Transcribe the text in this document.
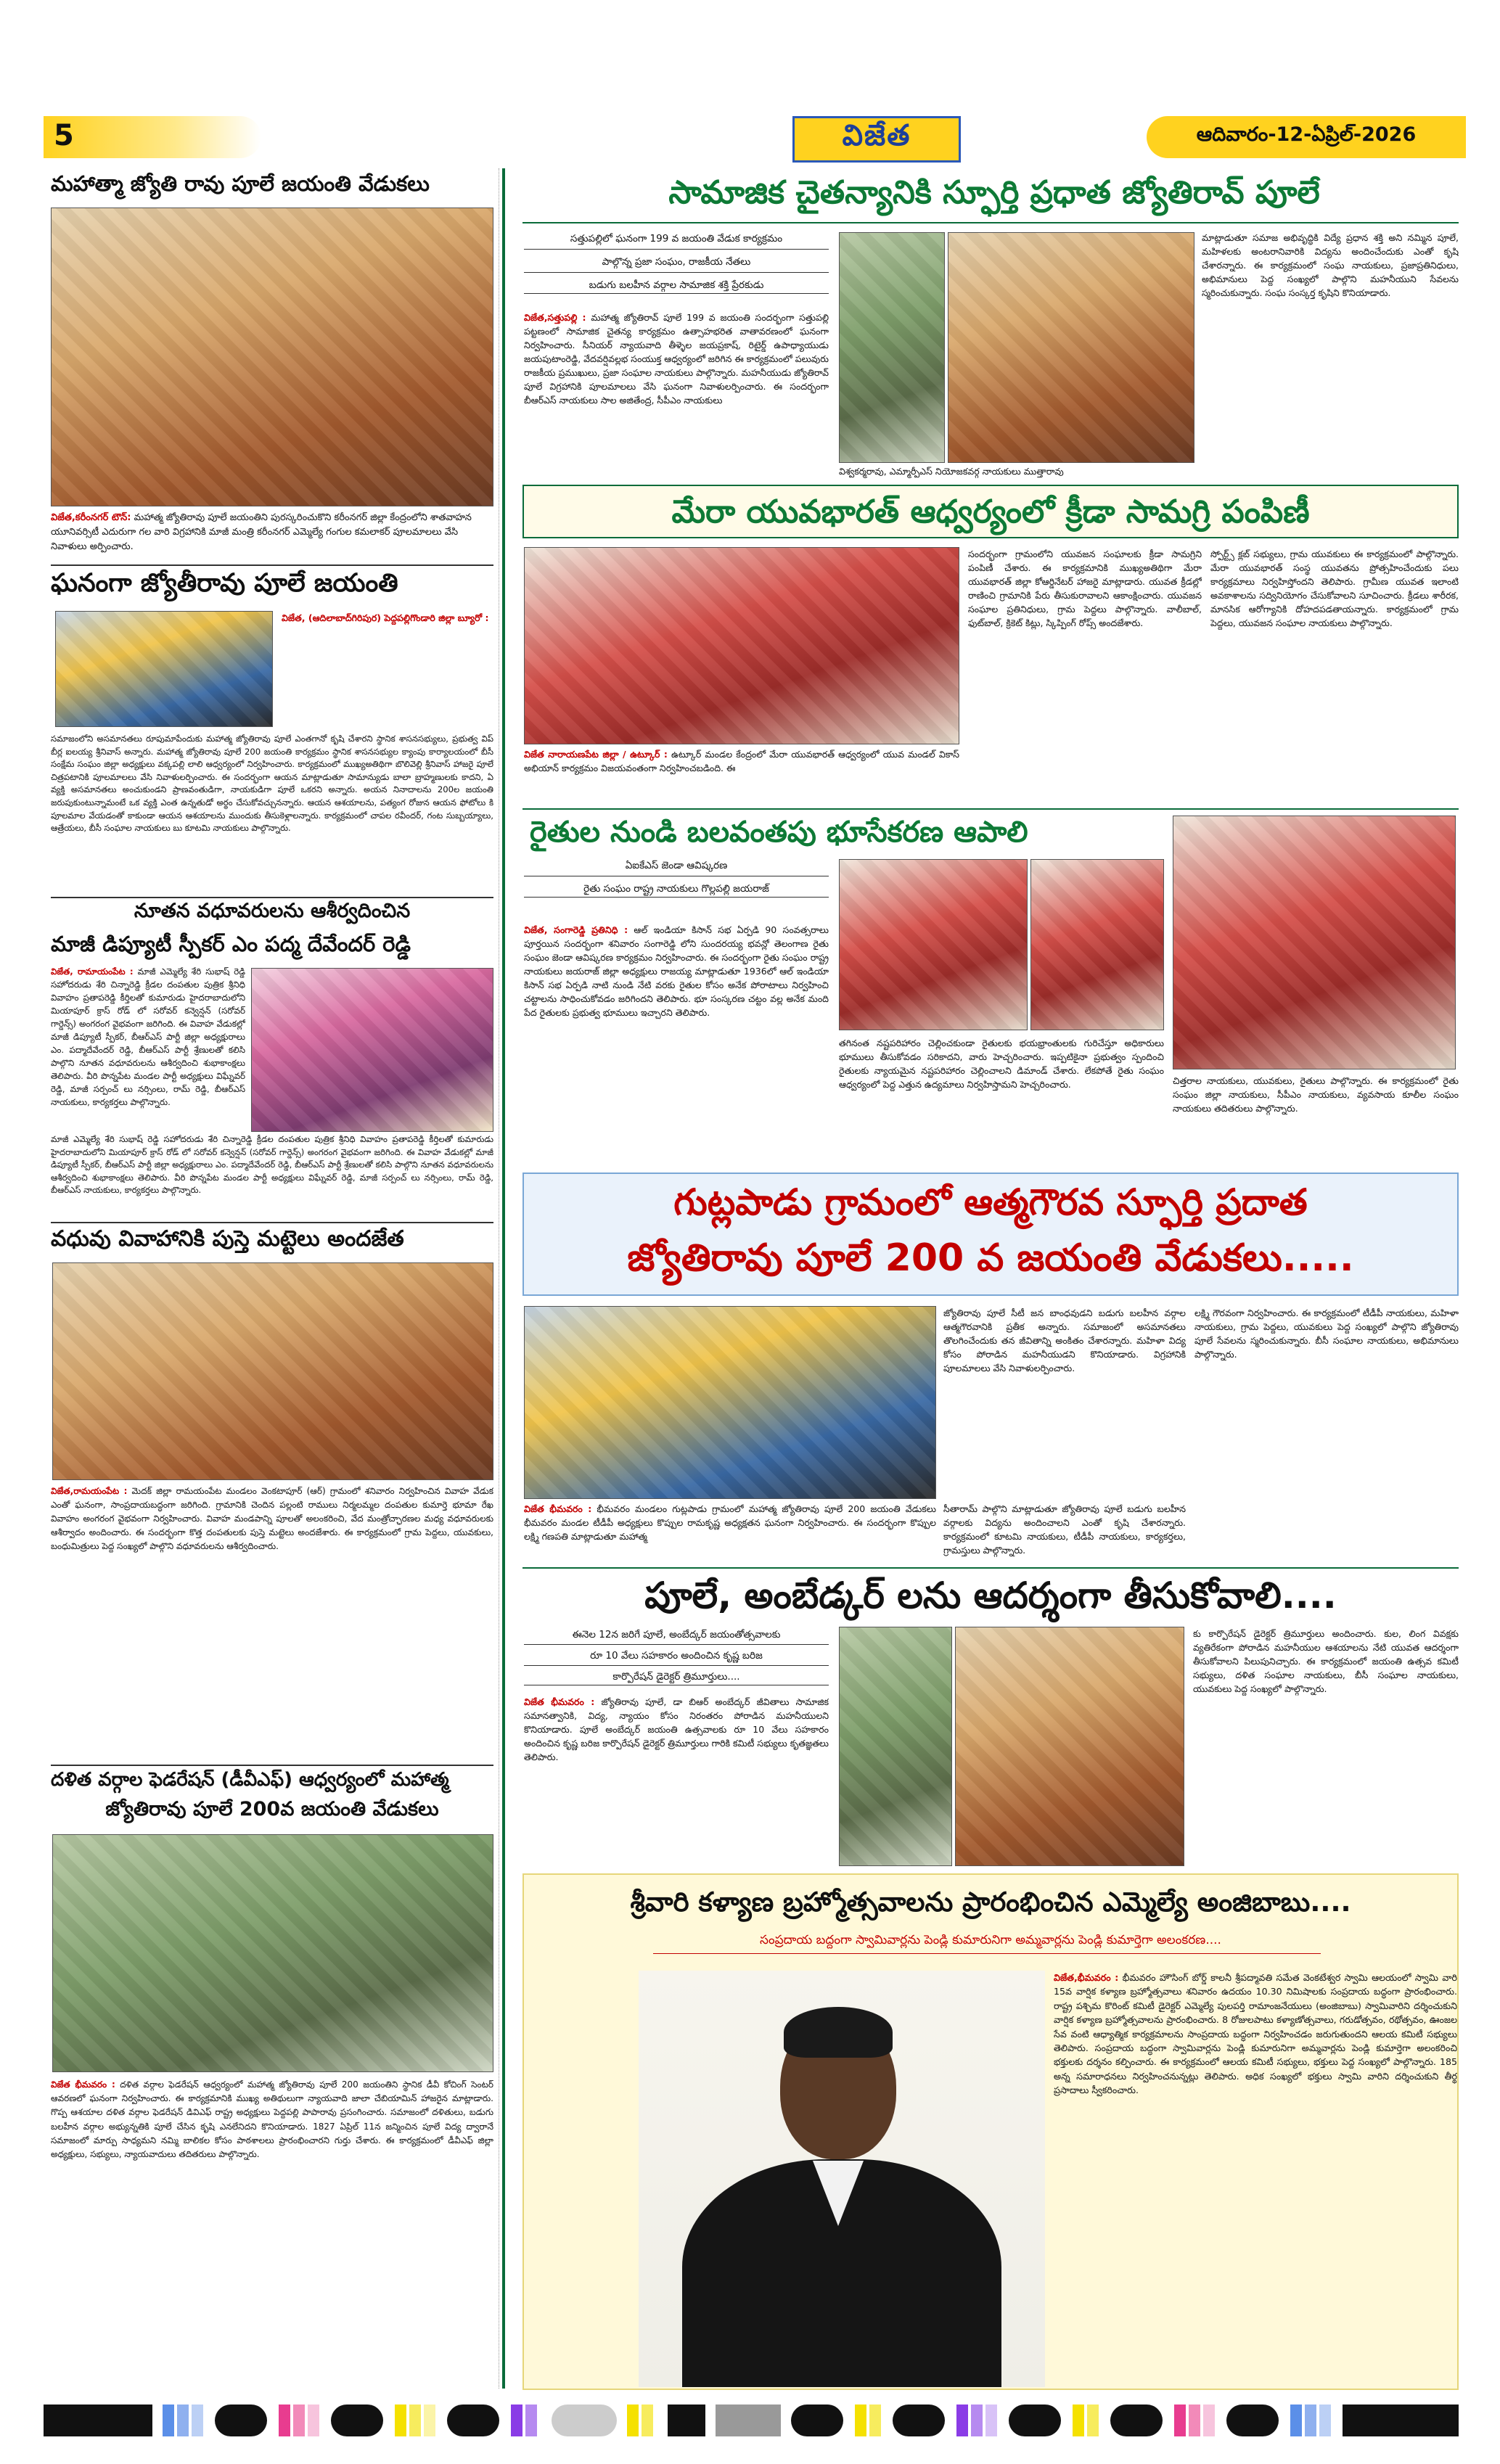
5	విజేత	ఆదివారం-12-ఏప్రిల్-2026
మహాత్మా జ్యోతి రావు పూలే జయంతి వేడుకలు
విజేత,కరీంనగర్ టౌన్: మహాత్మ జ్యోతిరావు పూలే జయంతిని పురస్కరించుకొని కరీంనగర్ జిల్లా కేంద్రంలోని శాతవాహన యూనివర్సిటీ ఎదురుగా గల వారి విగ్రహానికి మాజీ మంత్రి కరీంనగర్ ఎమ్మెల్యే గంగుల కమలాకర్ పూలమాలలు వేసి నివాళులు అర్పించారు.
ఘనంగా జ్యోతీరావు పూలే జయంతి
విజేత, (ఆదిలాబాద్‌గిరిపుర) పెద్దపల్లిగొండారి జిల్లా బ్యూరో :
సమాజంలోని అసమానతలు రూపుమాపేందుకు మహాత్మ జ్యోతిరావు పూలే ఎంతగానో కృషి చేశారని స్థానిక శాసనసభ్యులు, ప్రభుత్వ విప్ బీర్ల ఐలయ్య శ్రీనివాస్ అన్నారు. మహాత్మ జ్యోతిరావు పూలే 200 జయంతి కార్యక్రమం స్థానిక శాసనసభ్యుల క్యాంపు కార్యాలయంలో బీసీ సంక్షేమ సంఘం జిల్లా అధ్యక్షులు వక్కపల్లి లాలి ఆధ్వర్యంలో నిర్వహించారు. కార్యక్రమంలో ముఖ్యఅతిథిగా బొలివెల్లి శ్రీనివాస్ హాజరై పూలే చిత్రపటానికి పూలమాలలు వేసి నివాళులర్పించారు. ఈ సందర్భంగా ఆయన మాట్లాడుతూ సామాన్యుడు బాలా బ్రాహ్మణులకు కాదని, ఏ వ్యక్తి అసమానతలు అంచుకుండని ప్రాణవంతుడిగా, నాయకుడిగా పూలే ఒకరని అన్నారు. అయన నినాదాలను 200ల జయంతి జరుపుకుంటున్నామంటే ఒక వ్యక్తి ఎంత ఉన్నతుడో అర్థం చేసుకోవచ్చునన్నారు. ఆయన ఆశయాలను, పత్యంగ రోజున ఆయన ఫోటోలు కి పూలమాల వేయడంతో కాకుండా ఆయన ఆశయాలను ముందుకు తీసుకెళ్లాలన్నారు. కార్యక్రమంలో చాపల రవీందర్, గంట సుబ్బయ్యాలు, ఆత్రేయలు, బీసీ సంఘాల నాయకులు బు కూటమి నాయకులు పాల్గొన్నారు.
నూతన వధూవరులను ఆశీర్వదించిన
మాజీ డిప్యూటీ స్పీకర్ ఎం పద్మ దేవేందర్ రెడ్డి
విజేత, రామాయంపేట : మాజీ ఎమ్మెల్యే శేరి సుభాష్ రెడ్డి సహోదరుడు శేరి చిన్నారెడ్డి క్రీడల దంపతుల పుత్రిక శ్రీనిధి వివాహం ప్రతాపరెడ్డి కీర్తిలతో కుమారుడు హైదరాబాదులోని మియాపూర్ క్రాస్ రోడ్ లో సరోవర్ కన్వెన్షన్ (సరోవర్ గార్డెన్స్) అంగరంగ వైభవంగా జరిగింది. ఈ వివాహ వేడుకల్లో మాజీ డిప్యూటీ స్పీకర్, బీఆర్ఎస్ పార్టీ జిల్లా అధ్యక్షురాలు ఎం. పద్మాదేవేందర్ రెడ్డి, బీఆర్ఎస్ పార్టీ శ్రేణులతో కలిసి పాల్గొని నూతన వధూవరులను ఆశీర్వదించి శుభాకాంక్షలు తెలిపారు. వీరి పొన్నపేట మండల పార్టీ అధ్యక్షులు విఘ్నేవర్ రెడ్డి, మాజీ సర్పంచ్ లు నర్సింలు, రామ్ రెడ్డి, బీఆర్ఎస్ నాయకులు, కార్యకర్తలు పాల్గొన్నారు.
మాజీ ఎమ్మెల్యే శేరి సుభాష్ రెడ్డి సహోదరుడు శేరి చిన్నారెడ్డి క్రీడల దంపతుల పుత్రిక శ్రీనిధి వివాహం ప్రతాపరెడ్డి కీర్తిలతో కుమారుడు హైదరాబాదులోని మియాపూర్ క్రాస్ రోడ్ లో సరోవర్ కన్వెన్షన్ (సరోవర్ గార్డెన్స్) అంగరంగ వైభవంగా జరిగింది. ఈ వివాహ వేడుకల్లో మాజీ డిప్యూటీ స్పీకర్, బీఆర్ఎస్ పార్టీ జిల్లా అధ్యక్షురాలు ఎం. పద్మాదేవేందర్ రెడ్డి, బీఆర్ఎస్ పార్టీ శ్రేణులతో కలిసి పాల్గొని నూతన వధూవరులను ఆశీర్వదించి శుభాకాంక్షలు తెలిపారు. వీరి పొన్నపేట మండల పార్టీ అధ్యక్షులు విఘ్నేవర్ రెడ్డి, మాజీ సర్పంచ్ లు నర్సింలు, రామ్ రెడ్డి, బీఆర్ఎస్ నాయకులు, కార్యకర్తలు పాల్గొన్నారు.
వధువు వివాహానికి పుస్తె మట్టెలు అందజేత
విజేత,రామయంపేట : మెదక్ జిల్లా రామయంపేట మండలం వెంకటాపూర్ (ఆర్) గ్రామంలో శనివారం నిర్వహించిన వివాహ వేడుక ఎంతో ఘనంగా, సాంప్రదాయబద్ధంగా జరిగింది. గ్రామానికి చెందిన పల్లంటి రాములు నిర్మలమ్మల దంపతుల కుమార్తె భూమా రేఖ వివాహం అంగరంగ వైభవంగా నిర్వహించారు. వివాహ మండపాన్ని పూలతో అలంకరించి, వేద మంత్రోచ్ఛారణల మధ్య వధూవరులకు ఆశీర్వాదం అందించారు. ఈ సందర్భంగా కొత్త దంపతులకు పుస్తె మట్టెలు అందజేశారు. ఈ కార్యక్రమంలో గ్రామ పెద్దలు, యువకులు, బంధుమిత్రులు పెద్ద సంఖ్యలో పాల్గొని వధూవరులను ఆశీర్వదించారు.
దళిత వర్గాల ఫెడరేషన్ (డీవీఎఫ్) ఆధ్వర్యంలో మహాత్మ
జ్యోతిరావు పూలే 200వ జయంతి వేడుకలు
విజేత భీమవరం : దళిత వర్గాల ఫెడరేషన్ ఆధ్వర్యంలో మహాత్మ జ్యోతిరావు పూలే 200 జయంతిని స్థానిక డీవీ కోచింగ్ సెంటర్ ఆవరణలో ఘనంగా నిర్వహించారు. ఈ కార్యక్రమానికి ముఖ్య అతిథులుగా న్యాయవాది జాలా చేబియామిన్ హాజరైన మాట్లాడారు. గొప్ప ఆశయాల దళిత వర్గాల ఫెడరేషన్ డివిఎఫ్ రాష్ట్ర అధ్యక్షులు పెద్దపల్లి పాపారావు ప్రసంగించారు. సమాజంలో దళితులు, బడుగు బలహీన వర్గాల అభ్యున్నతికి పూలే చేసిన కృషి ఎనలేనిదని కొనియాడారు. 1827 ఏప్రిల్ 11న జన్మించిన పూలే విద్య ద్వారానే సమాజంలో మార్పు సాధ్యమని నమ్మి బాలికల కోసం పాఠశాలలు ప్రారంభించారని గుర్తు చేశారు. ఈ కార్యక్రమంలో డీవీఎఫ్ జిల్లా అధ్యక్షులు, సభ్యులు, న్యాయవాదులు తదితరులు పాల్గొన్నారు.
సామాజిక చైతన్యానికి స్ఫూర్తి ప్రధాత జ్యోతిరావ్ పూలే
సత్తుపల్లిలో ఘనంగా 199 వ జయంతి వేడుక కార్యక్రమం
పాల్గొన్న ప్రజా సంఘం, రాజకీయ నేతలు
బడుగు బలహీన వర్గాల సామాజిక శక్తి ప్రేరకుడు
విజేత,సత్తుపల్లి : మహాత్మ జ్యోతిరావ్ పూలే 199 వ జయంతి సందర్భంగా సత్తుపల్లి పట్టణంలో సామాజిక చైతన్య కార్యక్రమం ఉత్సాహభరిత వాతావరణంలో ఘనంగా నిర్వహించారు. సీనియర్ న్యాయవాది తీళ్ళెల జయప్రకాష్, రిటైర్డ్ ఉపాధ్యాయుడు జయపుటాంరెడ్డి, వేదవర్షివల్లభ సంయుక్త ఆధ్వర్యంలో జరిగిన ఈ కార్యక్రమంలో పలువురు రాజకీయ ప్రముఖులు, ప్రజా సంఘాల నాయకులు పాల్గొన్నారు. మహనీయుడు జ్యోతిరావ్ పూలే విగ్రహానికి పూలమాలలు వేసి ఘనంగా నివాళులర్పించారు. ఈ సందర్భంగా బీఆర్ఎస్ నాయకులు సాల అజితేంద్ర, సీపీఎం నాయకులు
విశ్వకర్మరావు, ఎమ్మార్పీఎస్ నియోజకవర్గ నాయకులు ముత్తారావు
మాట్లాడుతూ సమాజ అభివృద్ధికి విద్యే ప్రధాన శక్తి అని నమ్మిన పూలే, మహిళలకు అంటరానివారికి విద్యను అందించేందుకు ఎంతో కృషి చేశారన్నారు. ఈ కార్యక్రమంలో సంఘ నాయకులు, ప్రజాప్రతినిధులు, అభిమానులు పెద్ద సంఖ్యలో పాల్గొని మహనీయుని సేవలను స్మరించుకున్నారు. సంఘ సంస్కర్త కృషిని కొనియాడారు.
మేరా యువభారత్ ఆధ్వర్యంలో క్రీడా సామగ్రి పంపిణీ
విజేత నారాయణపేట జిల్లా / ఉట్కూర్ : ఉట్కూర్ మండల కేంద్రంలో మేరా యువభారత్ ఆధ్వర్యంలో యువ మండల్ వికాస్ అభియాన్ కార్యక్రమం విజయవంతంగా నిర్వహించబడింది. ఈ
సందర్భంగా గ్రామంలోని యువజన సంఘాలకు క్రీడా సామగ్రిని పంపిణీ చేశారు. ఈ కార్యక్రమానికి ముఖ్యఅతిథిగా మేరా యువభారత్ జిల్లా కోఆర్డినేటర్ హాజరై మాట్లాడారు. యువత క్రీడల్లో రాణించి గ్రామానికి పేరు తీసుకురావాలని ఆకాంక్షించారు. యువజన సంఘాల ప్రతినిధులు, గ్రామ పెద్దలు పాల్గొన్నారు. వాలీబాల్, ఫుట్‌బాల్, క్రికెట్ కిట్లు, స్కిప్పింగ్ రోప్స్ అందజేశారు.
స్పోర్ట్స్ క్లబ్ సభ్యులు, గ్రామ యువకులు ఈ కార్యక్రమంలో పాల్గొన్నారు. మేరా యువభారత్ సంస్థ యువతను ప్రోత్సహించేందుకు పలు కార్యక్రమాలు నిర్వహిస్తోందని తెలిపారు. గ్రామీణ యువత ఇలాంటి అవకాశాలను సద్వినియోగం చేసుకోవాలని సూచించారు. క్రీడలు శారీరక, మానసిక ఆరోగ్యానికి దోహదపడతాయన్నారు. కార్యక్రమంలో గ్రామ పెద్దలు, యువజన సంఘాల నాయకులు పాల్గొన్నారు.
రైతుల నుండి బలవంతపు భూసేకరణ ఆపాలి
ఏఐకేఎస్ జెండా ఆవిష్కరణ
రైతు సంఘం రాష్ట్ర నాయకులు గొల్లపల్లి జయరాజ్
విజేత, సంగారెడ్డి ప్రతినిధి : ఆల్ ఇండియా కిసాన్ సభ ఏర్పడి 90 సంవత్సరాలు పూర్తయిన సందర్భంగా శనివారం సంగారెడ్డి లోని సుందరయ్య భవన్లో తెలంగాణ రైతు సంఘం జెండా ఆవిష్కరణ కార్యక్రమం నిర్వహించారు. ఈ సందర్భంగా రైతు సంఘం రాష్ట్ర నాయకులు జయరాజ్ జిల్లా అధ్యక్షులు రాజయ్య మాట్లాడుతూ 1936లో ఆల్ ఇండియా కిసాన్ సభ ఏర్పడి నాటి నుండి నేటి వరకు రైతుల కోసం అనేక పోరాటాలు నిర్వహించి చట్టాలను సాధించుకోవడం జరిగిందని తెలిపారు. భూ సంస్కరణ చట్టం వల్ల అనేక మంది పేద రైతులకు ప్రభుత్వ భూములు ఇచ్చారని తెలిపారు.
తగినంత నష్టపరిహారం చెల్లించకుండా రైతులకు భయభ్రాంతులకు గురిచేస్తూ అధికారులు భూములు తీసుకోవడం సరికాదని, వారు హెచ్చరించారు. ఇప్పటికైనా ప్రభుత్వం స్పందించి రైతులకు న్యాయమైన నష్టపరిహారం చెల్లించాలని డిమాండ్ చేశారు. లేకపోతే రైతు సంఘం ఆధ్వర్యంలో పెద్ద ఎత్తున ఉద్యమాలు నిర్వహిస్తామని హెచ్చరించారు.	చిత్తరాల నాయకులు, యువకులు, రైతులు పాల్గొన్నారు. ఈ కార్యక్రమంలో రైతు సంఘం జిల్లా నాయకులు, సీపీఎం నాయకులు, వ్యవసాయ కూలీల సంఘం నాయకులు తదితరులు పాల్గొన్నారు.
గుట్లపాడు గ్రామంలో ఆత్మగౌరవ స్ఫూర్తి ప్రదాత
జ్యోతిరావు పూలే 200 వ జయంతి వేడుకలు.....
విజేత భీమవరం : భీమవరం మండలం గుట్లపాడు గ్రామంలో మహాత్మ జ్యోతిరావు పూలే 200 జయంతి వేడుకలు భీమవరం మండల టీడీపీ అధ్యక్షులు కొప్పుల రామకృష్ణ అధ్యక్షతన ఘనంగా నిర్వహించారు. ఈ సందర్భంగా కొప్పుల లక్ష్మి గణపతి మాట్లాడుతూ మహాత్మ
జ్యోతిరావు పూలే సీటీ జన బాంధవుడని బడుగు బలహీన వర్గాల ఆత్మగౌరవానికి ప్రతీక అన్నారు. సమాజంలో అసమానతలు తొలగించేందుకు తన జీవితాన్ని అంకితం చేశారన్నారు. మహిళా విద్య కోసం పోరాడిన మహనీయుడని కొనియాడారు. విగ్రహానికి పూలమాలలు వేసి నివాళులర్పించారు.
సీతారామ్ పాల్గొని మాట్లాడుతూ జ్యోతిరావు పూలే బడుగు బలహీన వర్గాలకు విద్యను అందించాలని ఎంతో కృషి చేశారన్నారు. కార్యక్రమంలో కూటమి నాయకులు, టీడీపీ నాయకులు, కార్యకర్తలు, గ్రామస్తులు పాల్గొన్నారు.
లక్ష్మి గౌరవంగా నిర్వహించారు. ఈ కార్యక్రమంలో టీడీపీ నాయకులు, మహిళా నాయకులు, గ్రామ పెద్దలు, యువకులు పెద్ద సంఖ్యలో పాల్గొని జ్యోతిరావు పూలే సేవలను స్మరించుకున్నారు. బీసీ సంఘాల నాయకులు, అభిమానులు పాల్గొన్నారు.
పూలే, అంబేడ్కర్ లను ఆదర్శంగా తీసుకోవాలి....
ఈనెల 12న జరిగే పూలే, అంబేద్కర్ జయంతోత్సవాలకు
రూ 10 వేలు సహకారం అందించిన కృష్ణ బరిజ
కార్పొరేషన్ డైరెక్టర్ త్రిమూర్తులు....
విజేత భీమవరం : జ్యోతిరావు పూలే, డా బిఆర్ అంబేద్కర్ జీవితాలు సామాజిక సమానత్వానికి, విద్య, న్యాయం కోసం నిరంతరం పోరాడిన మహనీయులని కొనియాడారు. పూలే అంబేద్కర్ జయంతి ఉత్సవాలకు రూ 10 వేలు సహకారం అందించిన కృష్ణ బరిజ కార్పొరేషన్ డైరెక్టర్ త్రిమూర్తులు గారికి కమిటీ సభ్యులు కృతజ్ఞతలు తెలిపారు.
కు కార్పొరేషన్ డైరెక్టర్ త్రిమూర్తులు అందించారు. కుల, లింగ వివక్షకు వ్యతిరేకంగా పోరాడిన మహనీయుల ఆశయాలను నేటి యువత ఆదర్శంగా తీసుకోవాలని పిలుపునిచ్చారు. ఈ కార్యక్రమంలో జయంతి ఉత్సవ కమిటీ సభ్యులు, దళిత సంఘాల నాయకులు, బీసీ సంఘాల నాయకులు, యువకులు పెద్ద సంఖ్యలో పాల్గొన్నారు.
శ్రీవారి కళ్యాణ బ్రహ్మోత్సవాలను ప్రారంభించిన ఎమ్మెల్యే అంజిబాబు....
సంప్రదాయ బద్దంగా స్వామివార్లను పెండ్లి కుమారునిగా అమ్మవార్లను పెండ్లి కుమార్తెగా అలంకరణ....
విజేత,భీమవరం : భీమవరం హౌసింగ్ బోర్డ్ కాలనీ శ్రీపద్మావతి సమేత వెంకటేశ్వర స్వామి ఆలయంలో స్వామి వారి 15వ వార్షిక కళ్యాణ బ్రహ్మోత్సవాలు శనివారం ఉదయం 10.30 నిమిషాలకు సంప్రదాయ బద్ధంగా ప్రారంభించారు. రాష్ట్ర పశ్చిమ కొరింట్ కమిటీ డైరెక్టర్ ఎమ్మెల్యే పులపర్తి రామాంజనేయులు (అంజిబాబు) స్వామివారిని దర్శించుకుని వార్షిక కళ్యాణ బ్రహ్మోత్సవాలను ప్రారంభించారు. 8 రోజులపాటు కళ్యాణోత్సవాలు, గరుడోత్సవం, రథోత్సవం, ఊంజల సేవ వంటి ఆధ్యాత్మిక కార్యక్రమాలను సాంప్రదాయ బద్ధంగా నిర్వహించడం జరుగుతుందని ఆలయ కమిటీ సభ్యులు తెలిపారు. సంప్రదాయ బద్ధంగా స్వామివార్లను పెండ్లి కుమారునిగా అమ్మవార్లను పెండ్లి కుమార్తెగా అలంకరించి భక్తులకు దర్శనం కల్పించారు. ఈ కార్యక్రమంలో ఆలయ కమిటీ సభ్యులు, భక్తులు పెద్ద సంఖ్యలో పాల్గొన్నారు. 185 అన్న సమారాధనలు నిర్వహించనున్నట్లు తెలిపారు. అధిక సంఖ్యలో భక్తులు స్వామి వారిని దర్శించుకుని తీర్థ ప్రసాదాలు స్వీకరించారు.
